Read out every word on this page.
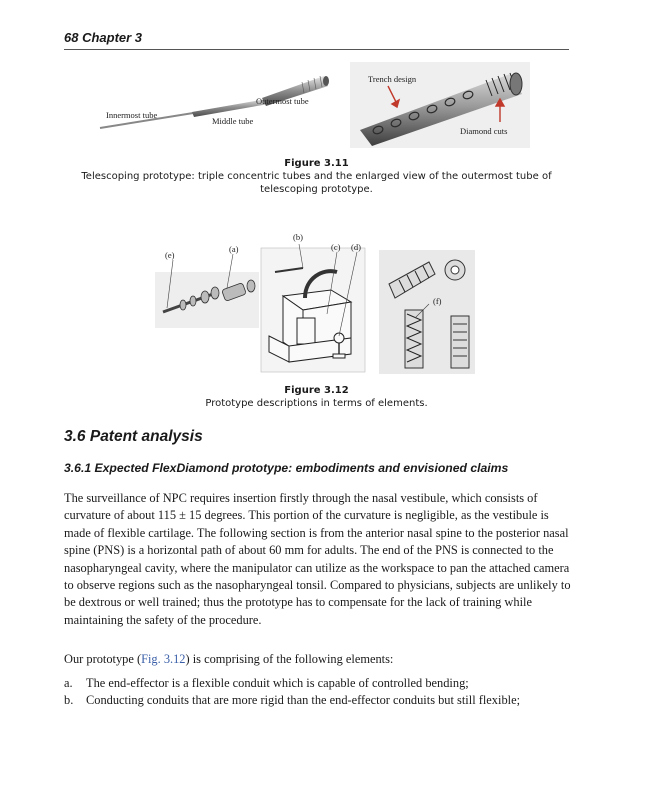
68 Chapter 3
Innermost tube
Middle tube
Outermost tube
Trench design
Diamond cuts
Figure 3.11
Telescoping prototype: triple concentric tubes and the enlarged view of the outermost tube of telescoping prototype.
(a)
(b)
(c) (d)
(e)
(f)
Figure 3.12
Prototype descriptions in terms of elements.
3.6 Patent analysis
3.6.1 Expected FlexDiamond prototype: embodiments and envisioned claims

The surveillance of NPC requires insertion firstly through the nasal vestibule, which consists of curvature of about 115 ± 15 degrees. This portion of the curvature is negligible, as the vestibule is made of flexible cartilage. The following section is from the anterior nasal spine to the posterior nasal spine (PNS) is a horizontal path of about 60 mm for adults. The end of the PNS is connected to the nasopharyngeal cavity, where the manipulator can utilize as the workspace to pan the attached camera to observe regions such as the nasopharyngeal tonsil. Compared to physicians, subjects are unlikely to be dextrous or well trained; thus the prototype has to compensate for the lack of training while maintaining the safety of the procedure.

Our prototype (Fig. 3.12) is comprising of the following elements:

a. The end-effector is a flexible conduit which is capable of controlled bending;
b. Conducting conduits that are more rigid than the end-effector conduits but still flexible;
